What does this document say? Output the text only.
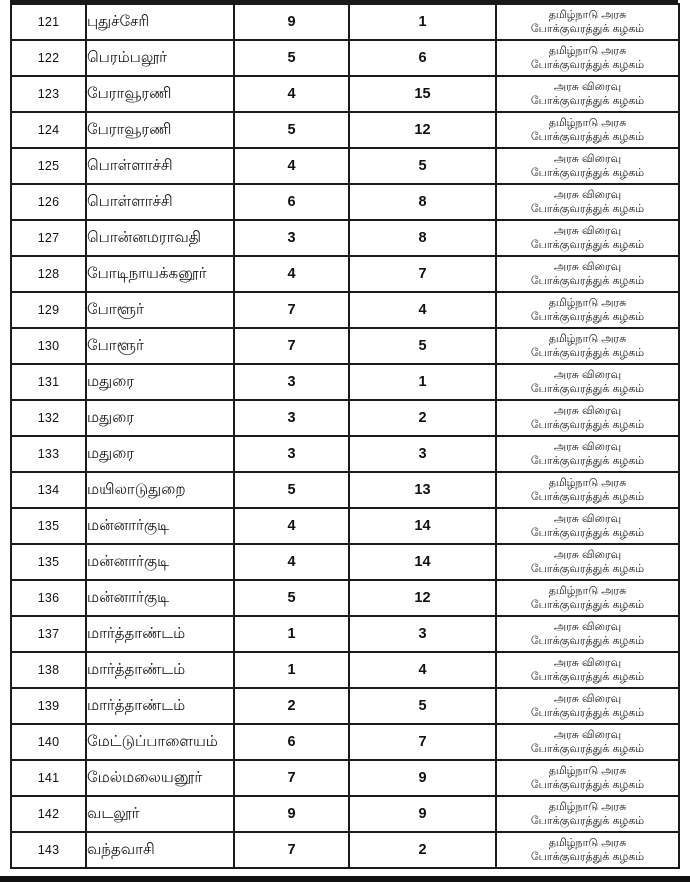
121	புதுச்சேரி	9	1	தமிழ்நாடு அரசு
போக்குவரத்துக் கழகம்

122	பெரம்பலூர்	5	6	தமிழ்நாடு அரசு
போக்குவரத்துக் கழகம்

123	பேராவூரணி	4	15	அரசு விரைவு
போக்குவரத்துக் கழகம்

124	பேராவூரணி	5	12	தமிழ்நாடு அரசு
போக்குவரத்துக் கழகம்

125	பொள்ளாச்சி	4	5	அரசு விரைவு
போக்குவரத்துக் கழகம்

126	பொள்ளாச்சி	6	8	அரசு விரைவு
போக்குவரத்துக் கழகம்

127	பொன்னமராவதி	3	8	அரசு விரைவு
போக்குவரத்துக் கழகம்

128	போடிநாயக்கனூர்	4	7	அரசு விரைவு
போக்குவரத்துக் கழகம்

129	போளூர்	7	4	தமிழ்நாடு அரசு
போக்குவரத்துக் கழகம்

130	போளூர்	7	5	தமிழ்நாடு அரசு
போக்குவரத்துக் கழகம்

131	மதுரை	3	1	அரசு விரைவு
போக்குவரத்துக் கழகம்

132	மதுரை	3	2	அரசு விரைவு
போக்குவரத்துக் கழகம்

133	மதுரை	3	3	அரசு விரைவு
போக்குவரத்துக் கழகம்

134	மயிலாடுதுறை	5	13	தமிழ்நாடு அரசு
போக்குவரத்துக் கழகம்

135	மன்னார்குடி	4	14	அரசு விரைவு
போக்குவரத்துக் கழகம்

135	மன்னார்குடி	4	14	அரசு விரைவு
போக்குவரத்துக் கழகம்

136	மன்னார்குடி	5	12	தமிழ்நாடு அரசு
போக்குவரத்துக் கழகம்

137	மார்த்தாண்டம்	1	3	அரசு விரைவு
போக்குவரத்துக் கழகம்

138	மார்த்தாண்டம்	1	4	அரசு விரைவு
போக்குவரத்துக் கழகம்

139	மார்த்தாண்டம்	2	5	அரசு விரைவு
போக்குவரத்துக் கழகம்

140	மேட்டுப்பாளையம்	6	7	அரசு விரைவு
போக்குவரத்துக் கழகம்

141	மேல்மலையனூர்	7	9	தமிழ்நாடு அரசு
போக்குவரத்துக் கழகம்

142	வடலூர்	9	9	தமிழ்நாடு அரசு
போக்குவரத்துக் கழகம்

143	வந்தவாசி	7	2	தமிழ்நாடு அரசு
போக்குவரத்துக் கழகம்
